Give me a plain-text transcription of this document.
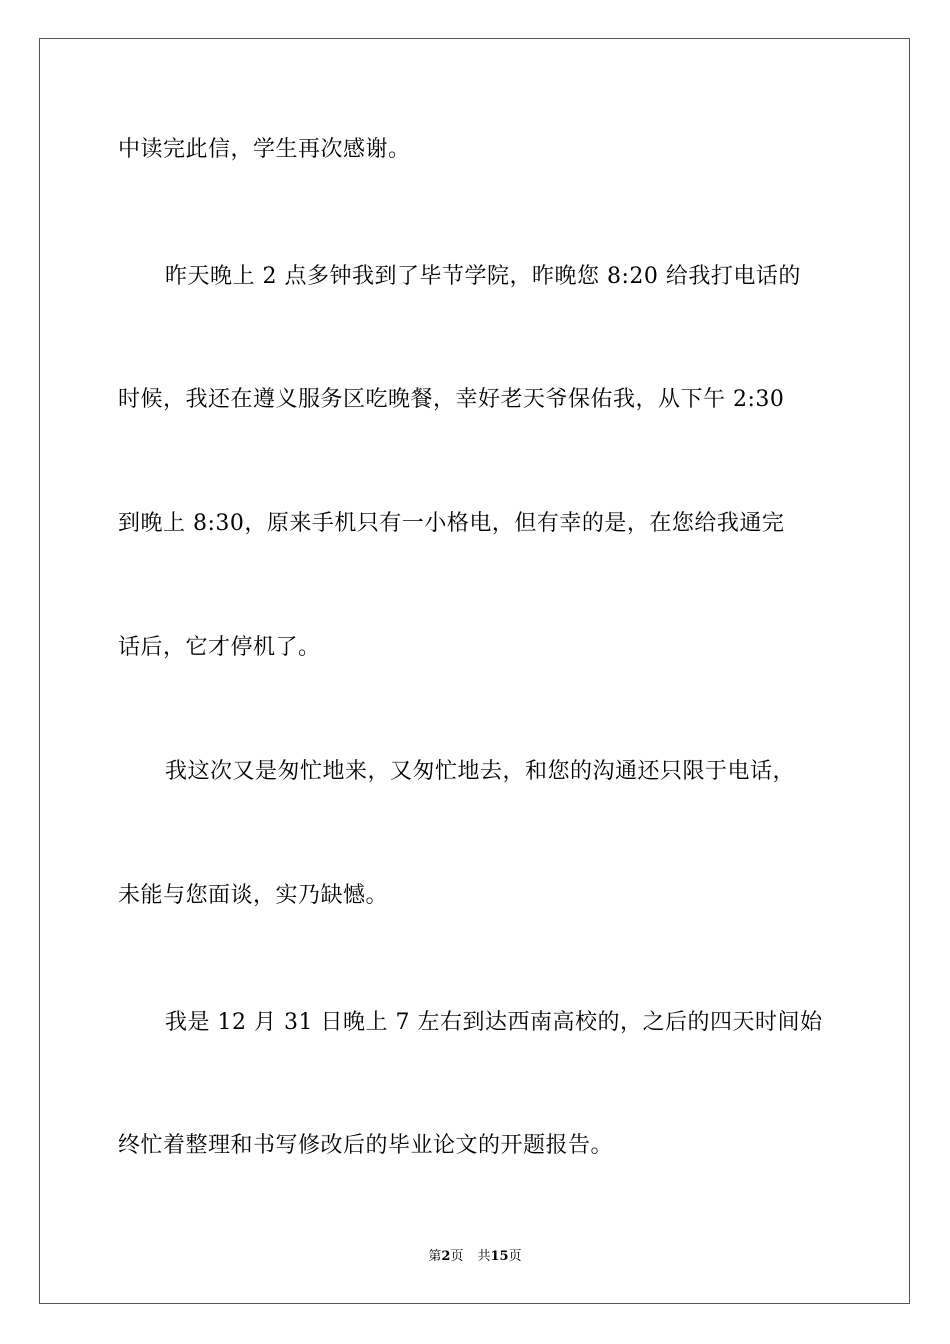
中读完此信，学生再次感谢。
昨天晚上 2 点多钟我到了毕节学院，昨晚您 8:20 给我打电话的
时候，我还在遵义服务区吃晚餐，幸好老天爷保佑我，从下午 2:30
到晚上 8:30，原来手机只有一小格电，但有幸的是，在您给我通完
话后，它才停机了。
我这次又是匆忙地来，又匆忙地去，和您的沟通还只限于电话，
未能与您面谈，实乃缺憾。
我是 12 月 31 日晚上 7 左右到达西南高校的，之后的四天时间始
终忙着整理和书写修改后的毕业论文的开题报告。
第2页 共15页
